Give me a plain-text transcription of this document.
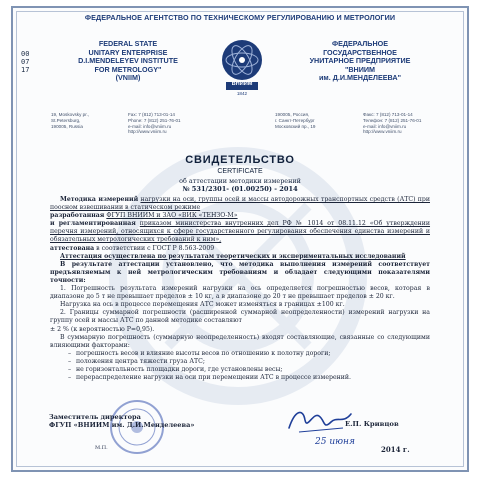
ФЕДЕРАЛЬНОЕ АГЕНТСТВО ПО ТЕХНИЧЕСКОМУ РЕГУЛИРОВАНИЮ И МЕТРОЛОГИИ
000717
FEDERAL STATE
UNITARY ENTERPRISE
D.I.MENDELEYEV INSTITUTE
FOR METROLOGY"
(VNIIM)
ВНИИМ
1842
ФЕДЕРАЛЬНОЕ
ГОСУДАРСТВЕННОЕ
УНИТАРНОЕ ПРЕДПРИЯТИЕ
"ВНИИМ
им. Д.И.МЕНДЕЛЕЕВА"
19, Moskovsky pr.,
St.Petersburg,
190005, Russia
Fax: 7 (812) 713-01-14
Phone: 7 (812) 251-76-01
e-mail: info@vniim.ru
http://www.vniim.ru
190005, Россия,
г. Санкт-Петербург
Московский пр., 19
Факс: 7 (812) 713-01-14
Телефон: 7 (812) 251-76-01
e-mail: info@vniim.ru
http://www.vniim.ru
СВИДЕТЕЛЬСТВО
CERTIFICATE
об аттестации методики измерений
№ 531/2301- (01.00250) - 2014

Методика измерений нагрузки на оси, группы осей и массы автодорожных транспортных средств (АТС) при поосном взвешивании в статическом режиме

разработанная ФГУП ВНИИМ и ЗАО «ВИК «ТЕНЗО-М»

и регламентированная приказом министерства внутренних дел РФ № 1014 от 08.11.12 «Об утверждении перечня измерений, относящихся к сфере государственного регулирования обеспечения единства измерений и обязательных метрологических требований к ним»,

аттестована в соответствии с ГОСТ Р 8.563-2009

Аттестация осуществлена по результатам теоретических и экспериментальных исследований

В результате аттестации установлено, что методика выполнения измерений соответствует предъявляемым к ней метрологическим требованиям и обладает следующими показателями точности:

1. Погрешность результата измерений нагрузки на ось определяется погрешностью весов, которая в диапазоне до 5 т не превышает пределов ± 10 кг, а в диапазоне до 20 т не превышает пределов ± 20 кг.

Нагрузка на ось в процессе перемещения АТС может изменяться в границах ±100 кг.

2. Границы суммарной погрешности (расширенной суммарной неопределенности) измерений нагрузки на группу осей и массы АТС по данной методике составляют

± 2 % (к вероятностью Р=0,95).

В суммарную погрешность (суммарную неопределенность) входят составляющие, связанные со следующими влияющими факторами:

– погрешность весов и влияние высоты весов по отношению к полотну дороги;
– положения центра тяжести груза АТС;
– не горизонтальность площадки дороги, где установлены весы;
– перераспределение нагрузки на оси при перемещении АТС в процессе измерений.
Заместитель директора
ФГУП «ВНИИМ им. Д.И.Менделеева»	Е.П. Кривцов
М.П.
25 июня
2014 г.
